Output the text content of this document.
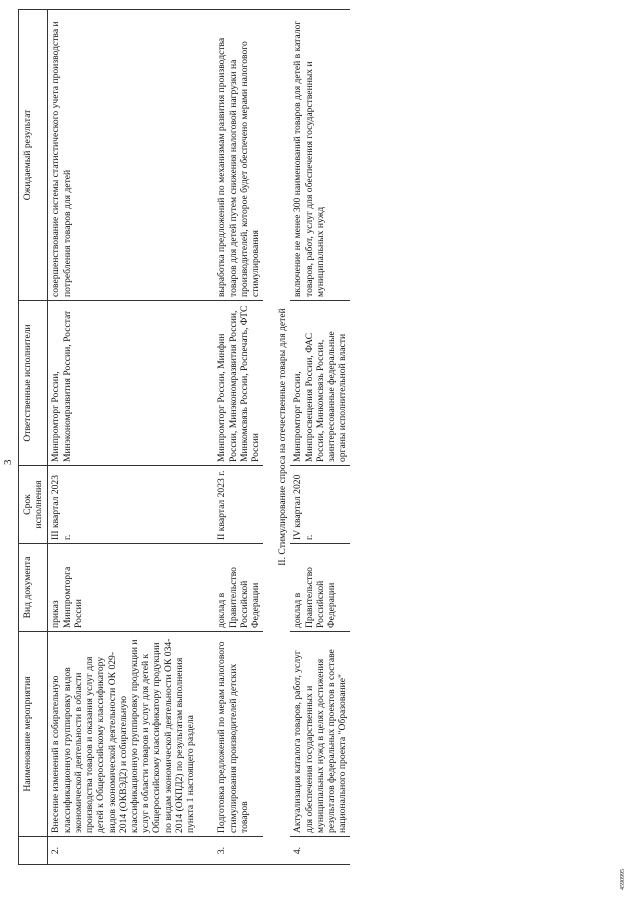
3
	Наименование мероприятия	Вид документа	Срок исполнения	Ответственные исполнители	Ожидаемый результат
2.	Внесение изменений в собирательную классификационную группировку видов экономической деятельности в области производства товаров и оказания услуг для детей к Общероссийскому классификатору видов экономической деятельности ОК 029-2014 (ОКВЭД2) и собирательную классификационную группировку продукции и услуг в области товаров и услуг для детей к Общероссийскому классификатору продукции по видам экономической деятельности ОК 034-2014 (ОКПД2) по результатам выполнения пункта 1 настоящего раздела	приказ Минпромторга России	III квартал 2023 г.	Минпромторг России, Минэкономразвития России, Росстат	совершенствование системы статистического учета производства и потребления товаров для детей
3.	Подготовка предложений по мерам налогового стимулирования производителей детских товаров	доклад в Правительство Российской Федерации	II квартал 2023 г.	Минпромторг России, Минфин России, Минэкономразвития России, Минкомсвязь России, Роспечать, ФТС России	выработка предложений по механизмам развития производства товаров для детей путем снижения налоговой нагрузки на производителей, которое будет обеспечено мерами налогового стимулирования
II. Стимулирование спроса на отечественные товары для детей					
4.	Актуализация каталога товаров, работ, услуг для обеспечения государственных и муниципальных нужд в целях достижения результатов федеральных проектов в составе национального проекта "Образование"	доклад в Правительство Российской Федерации	IV квартал 2020 г.	Минпромторг России, Минпросвещения России, ФАС России, Минкомсвязь России, заинтересованные федеральные органы исполнительной власти	включение не менее 300 наименований товаров для детей в каталог товаров, работ, услуг для обеспечения государственных и муниципальных нужд
4590995
